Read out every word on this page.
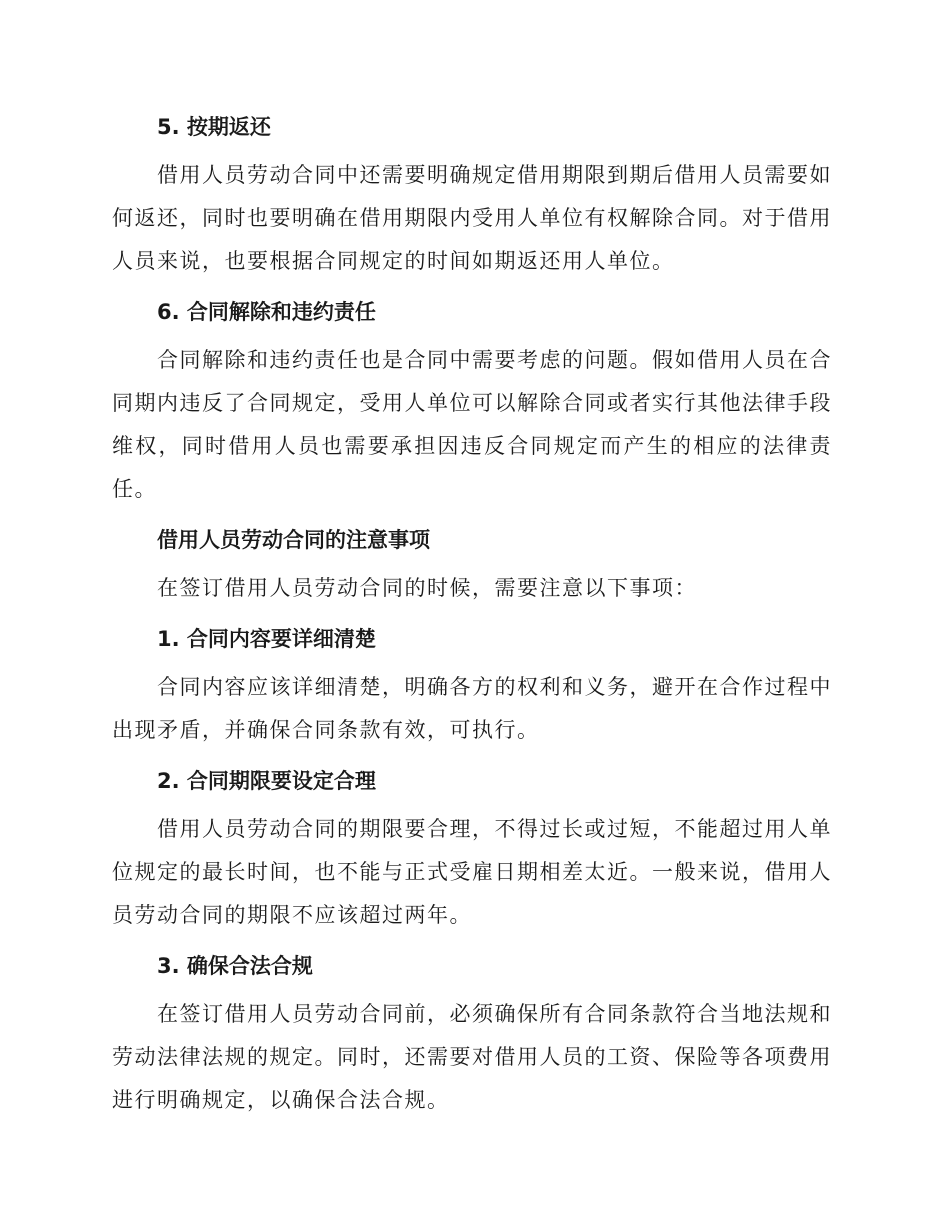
5. 按期返还

借用人员劳动合同中还需要明确规定借用期限到期后借用人员需要如何返还，同时也要明确在借用期限内受用人单位有权解除合同。对于借用人员来说，也要根据合同规定的时间如期返还用人单位。

6. 合同解除和违约责任

合同解除和违约责任也是合同中需要考虑的问题。假如借用人员在合同期内违反了合同规定，受用人单位可以解除合同或者实行其他法律手段维权，同时借用人员也需要承担因违反合同规定而产生的相应的法律责任。

借用人员劳动合同的注意事项

在签订借用人员劳动合同的时候，需要注意以下事项：

1. 合同内容要详细清楚

合同内容应该详细清楚，明确各方的权利和义务，避开在合作过程中出现矛盾，并确保合同条款有效，可执行。

2. 合同期限要设定合理

借用人员劳动合同的期限要合理，不得过长或过短，不能超过用人单位规定的最长时间，也不能与正式受雇日期相差太近。一般来说，借用人员劳动合同的期限不应该超过两年。

3. 确保合法合规

在签订借用人员劳动合同前，必须确保所有合同条款符合当地法规和劳动法律法规的规定。同时，还需要对借用人员的工资、保险等各项费用进行明确规定，以确保合法合规。
